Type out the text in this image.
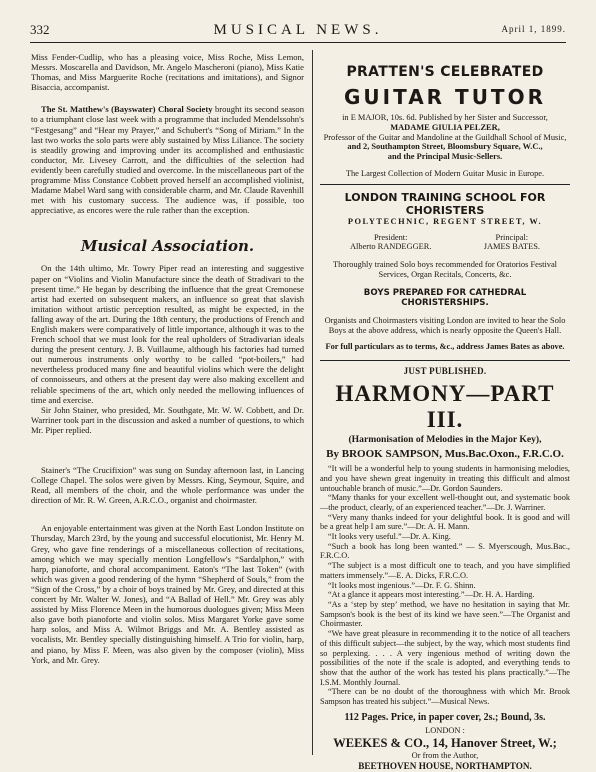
332	MUSICAL NEWS.	April 1, 1899.

Miss Fender-Cudlip, who has a pleasing voice, Miss Roche, Miss Lemon, Messrs. Moscarella and Davidson, Mr. Angelo Mascheroni (piano), Miss Katie Thomas, and Miss Marguerite Roche (recitations and imitations), and Signor Bisaccia, accompanist.

The St. Matthew's (Bayswater) Choral Society brought its second season to a triumphant close last week with a programme that included Mendelssohn's “Festgesang” and “Hear my Prayer,” and Schubert's “Song of Miriam.” In the last two works the solo parts were ably sustained by Miss Liliance. The society is steadily growing and improving under its accomplished and enthusiastic conductor, Mr. Livesey Carrott, and the difficulties of the selection had evidently been carefully studied and overcome. In the miscellaneous part of the programme Miss Constance Cobbett proved herself an accomplished violinist, Madame Mabel Ward sang with considerable charm, and Mr. Claude Ravenhill met with his customary success. The audience was, if possible, too appreciative, as encores were the rule rather than the exception.

Musical Association.

On the 14th ultimo, Mr. Towry Piper read an interesting and suggestive paper on “Violins and Violin Manufacture since the death of Stradivari to the present time.” He began by describing the influence that the great Cremonese artist had exerted on subsequent makers, an influence so great that slavish imitation without artistic perception resulted, as might be expected, in the falling away of the art. During the 18th century, the productions of French and English makers were comparatively of little importance, although it was to the French school that we must look for the real upholders of Stradivarian ideals during the present century. J. B. Vuillaume, although his factories had turned out numerous instruments only worthy to be called “pot-boilers,” had nevertheless produced many fine and beautiful violins which were the delight of connoisseurs, and others at the present day were also making excellent and reliable specimens of the art, which only needed the mellowing influences of time and exercise.

Sir John Stainer, who presided, Mr. Southgate, Mr. W. W. Cobbett, and Dr. Warriner took part in the discussion and asked a number of questions, to which Mr. Piper replied.

Stainer's “The Crucifixion” was sung on Sunday afternoon last, in Lancing College Chapel. The solos were given by Messrs. King, Seymour, Squire, and Read, all members of the choir, and the whole performance was under the direction of Mr. R. W. Green, A.R.C.O., organist and choirmaster.

An enjoyable entertainment was given at the North East London Institute on Thursday, March 23rd, by the young and successful elocutionist, Mr. Henry M. Grey, who gave fine renderings of a miscellaneous collection of recitations, among which we may specially mention Longfellow's “Sardalphon,” with harp, pianoforte, and choral accompaniment. Eaton's “The last Token” (with which was given a good rendering of the hymn “Shepherd of Souls,” from the “Sign of the Cross,” by a choir of boys trained by Mr. Grey, and directed at this concert by Mr. Walter W. Jones), and “A Ballad of Hell.” Mr. Grey was ably assisted by Miss Florence Meen in the humorous duologues given; Miss Meen also gave both pianoforte and violin solos. Miss Margaret Yorke gave some harp solos, and Miss A. Wilmot Briggs and Mr. A. Bentley assisted as vocalists, Mr. Bentley specially distinguishing himself. A Trio for violin, harp, and piano, by Miss F. Meen, was also given by the composer (violin), Miss York, and Mr. Grey.

PRATTEN'S CELEBRATED
GUITAR TUTOR
in E MAJOR, 10s. 6d. Published by her Sister and Successor,
MADAME GIULIA PELZER,
Professor of the Guitar and Mandoline at the Guildhall School of Music,
and 2, Southampton Street, Bloomsbury Square, W.C.,
and the Principal Music-Sellers.
The Largest Collection of Modern Guitar Music in Europe.
LONDON TRAINING SCHOOL FOR CHORISTERS
POLYTECHNIC, REGENT STREET, W.
President:
Alberto RANDEGGER.
Principal:
JAMES BATES.
Thoroughly trained Solo boys recommended for Oratorios Festival Services, Organ Recitals, Concerts, &c.
BOYS PREPARED FOR CATHEDRAL CHORISTERSHIPS.
Organists and Choirmasters visiting London are invited to hear the Solo Boys at the above address, which is nearly opposite the Queen's Hall.
For full particulars as to terms, &c., address James Bates as above.
JUST PUBLISHED.
HARMONY—PART III.
(Harmonisation of Melodies in the Major Key),
By BROOK SAMPSON, Mus.Bac.Oxon., F.R.C.O.

“It will be a wonderful help to young students in harmonising melodies, and you have shewn great ingenuity in treating this difficult and almost untouchable branch of music.”—Dr. Gordon Saunders.

“Many thanks for your excellent well-thought out, and systematic book—the product, clearly, of an experienced teacher.”—Dr. J. Warriner.

“Very many thanks indeed for your delightful book. It is good and will be a great help I am sure.”—Dr. A. H. Mann.

“It looks very useful.”—Dr. A. King.

“Such a book has long been wanted.” — S. Myerscough, Mus.Bac., F.R.C.O.

“The subject is a most difficult one to teach, and you have simplified matters immensely.”—E. A. Dicks, F.R.C.O.

“It looks most ingenious.”—Dr. F. G. Shinn.

“At a glance it appears most interesting.”—Dr. H. A. Harding.

“As a ‘step by step’ method, we have no hesitation in saying that Mr. Sampson's book is the best of its kind we have seen.”—The Organist and Choirmaster.

“We have great pleasure in recommending it to the notice of all teachers of this difficult subject—the subject, by the way, which most students find so perplexing. . . . A very ingenious method of writing down the possibilities of the note if the scale is adopted, and everything tends to show that the author of the work has tested his plans practically.”—The I.S.M. Monthly Journal.

“There can be no doubt of the thoroughness with which Mr. Brook Sampson has treated his subject.”—Musical News.

112 Pages. Price, in paper cover, 2s.; Bound, 3s.
LONDON :
WEEKES & CO., 14, Hanover Street, W.;
Or from the Author,
BEETHOVEN HOUSE, NORTHAMPTON.
